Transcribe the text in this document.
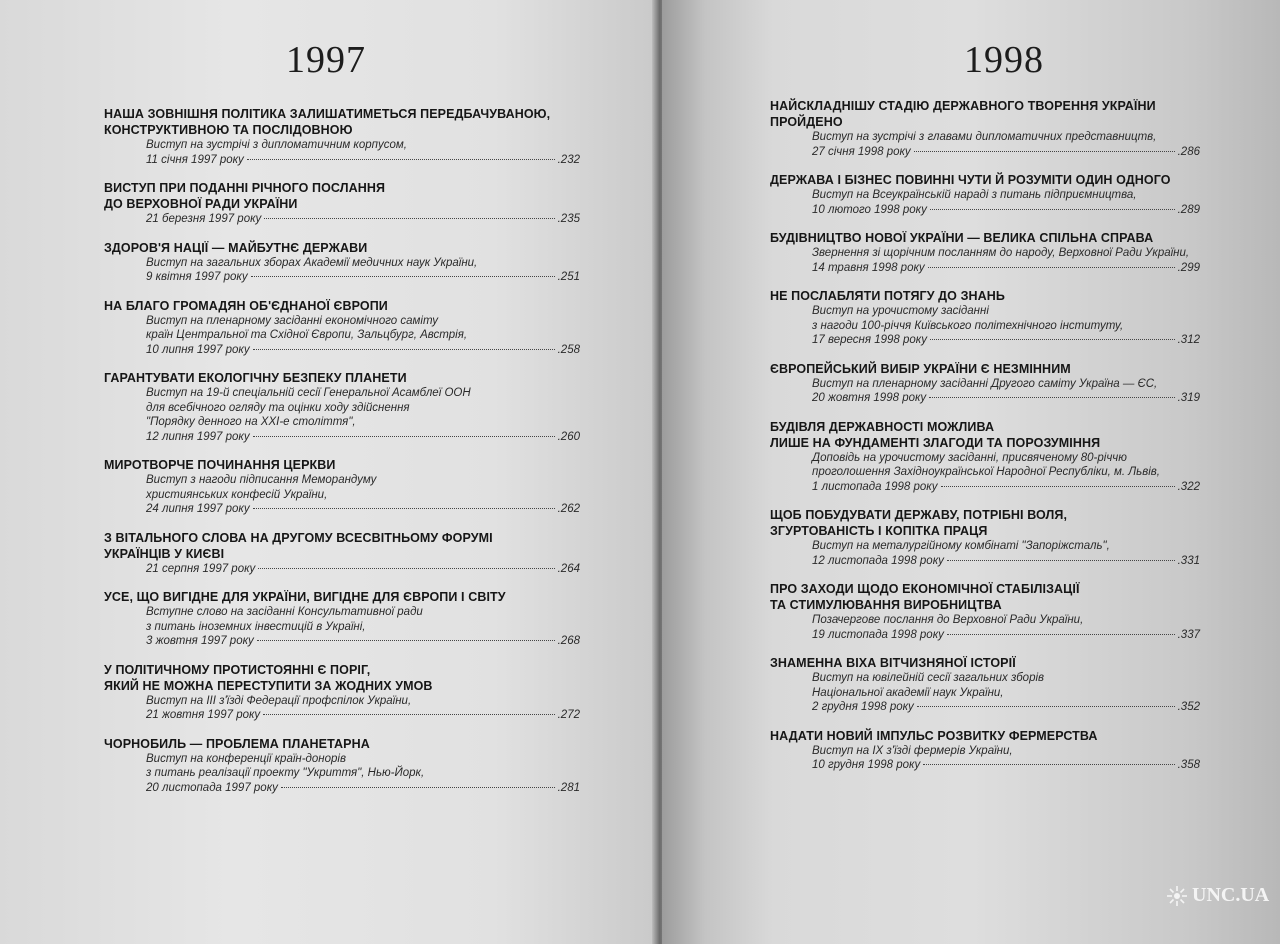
1997
НАША ЗОВНІШНЯ ПОЛІТИКА ЗАЛИШАТИМЕТЬСЯ ПЕРЕДБАЧУВАНОЮ,
КОНСТРУКТИВНОЮ ТА ПОСЛІДОВНОЮ
Виступ на зустрічі з дипломатичним корпусом,
11 січня 1997 року	.232
ВИСТУП ПРИ ПОДАННІ РІЧНОГО ПОСЛАННЯ
ДО ВЕРХОВНОЇ РАДИ УКРАЇНИ
21 березня 1997 року	.235
ЗДОРОВ'Я НАЦІЇ — МАЙБУТНЄ ДЕРЖАВИ
Виступ на загальних зборах Академії медичних наук України,
9 квітня 1997 року	.251
НА БЛАГО ГРОМАДЯН ОБ'ЄДНАНОЇ ЄВРОПИ
Виступ на пленарному засіданні економічного саміту
країн Центральної та Східної Європи, Зальцбург, Австрія,
10 липня 1997 року	.258
ГАРАНТУВАТИ ЕКОЛОГІЧНУ БЕЗПЕКУ ПЛАНЕТИ
Виступ на 19-й спеціальній сесії Генеральної Асамблеї ООН
для всебічного огляду та оцінки ходу здійснення
"Порядку денного на ХХІ-е століття",
12 липня 1997 року	.260
МИРОТВОРЧЕ ПОЧИНАННЯ ЦЕРКВИ
Виступ з нагоди підписання Меморандуму
християнських конфесій України,
24 липня 1997 року	.262
З ВІТАЛЬНОГО СЛОВА НА ДРУГОМУ ВСЕСВІТНЬОМУ ФОРУМІ
УКРАЇНЦІВ У КИЄВІ
21 серпня 1997 року	.264
УСЕ, ЩО ВИГІДНЕ ДЛЯ УКРАЇНИ, ВИГІДНЕ ДЛЯ ЄВРОПИ І СВІТУ
Вступне слово на засіданні Консультативної ради
з питань іноземних інвестицій в Україні,
3 жовтня 1997 року	.268
У ПОЛІТИЧНОМУ ПРОТИСТОЯННІ Є ПОРІГ,
ЯКИЙ НЕ МОЖНА ПЕРЕСТУПИТИ ЗА ЖОДНИХ УМОВ
Виступ на ІІІ з'їзді Федерації профспілок України,
21 жовтня 1997 року	.272
ЧОРНОБИЛЬ — ПРОБЛЕМА ПЛАНЕТАРНА
Виступ на конференції країн-донорів
з питань реалізації проекту "Укриття", Нью-Йорк,
20 листопада 1997 року	.281
1998
НАЙСКЛАДНІШУ СТАДІЮ ДЕРЖАВНОГО ТВОРЕННЯ УКРАЇНИ ПРОЙДЕНО
Виступ на зустрічі з главами дипломатичних представництв,
27 січня 1998 року	.286
ДЕРЖАВА І БІЗНЕС ПОВИННІ ЧУТИ Й РОЗУМІТИ ОДИН ОДНОГО
Виступ на Всеукраїнській нараді з питань підприємництва,
10 лютого 1998 року	.289
БУДІВНИЦТВО НОВОЇ УКРАЇНИ — ВЕЛИКА СПІЛЬНА СПРАВА
Звернення зі щорічним посланням до народу, Верховної Ради України,
14 травня 1998 року	.299
НЕ ПОСЛАБЛЯТИ ПОТЯГУ ДО ЗНАНЬ
Виступ на урочистому засіданні
з нагоди 100-річчя Київського політехнічного інституту,
17 вересня 1998 року	.312
ЄВРОПЕЙСЬКИЙ ВИБІР УКРАЇНИ Є НЕЗМІННИМ
Виступ на пленарному засіданні Другого саміту Україна — ЄС,
20 жовтня 1998 року	.319
БУДІВЛЯ ДЕРЖАВНОСТІ МОЖЛИВА
ЛИШЕ НА ФУНДАМЕНТІ ЗЛАГОДИ ТА ПОРОЗУМІННЯ
Доповідь на урочистому засіданні, присвяченому 80-річчю
проголошення Західноукраїнської Народної Республіки, м. Львів,
1 листопада 1998 року	.322
ЩОБ ПОБУДУВАТИ ДЕРЖАВУ, ПОТРІБНІ ВОЛЯ,
ЗГУРТОВАНІСТЬ І КОПІТКА ПРАЦЯ
Виступ на металургійному комбінаті "Запоріжсталь",
12 листопада 1998 року	.331
ПРО ЗАХОДИ ЩОДО ЕКОНОМІЧНОЇ СТАБІЛІЗАЦІЇ
ТА СТИМУЛЮВАННЯ ВИРОБНИЦТВА
Позачергове послання до Верховної Ради України,
19 листопада 1998 року	.337
ЗНАМЕННА ВІХА ВІТЧИЗНЯНОЇ ІСТОРІЇ
Виступ на ювілейній сесії загальних зборів
Національної академії наук України,
2 грудня 1998 року	.352
НАДАТИ НОВИЙ ІМПУЛЬС РОЗВИТКУ ФЕРМЕРСТВА
Виступ на ІХ з'їзді фермерів України,
10 грудня 1998 року	.358
UNC.UA
